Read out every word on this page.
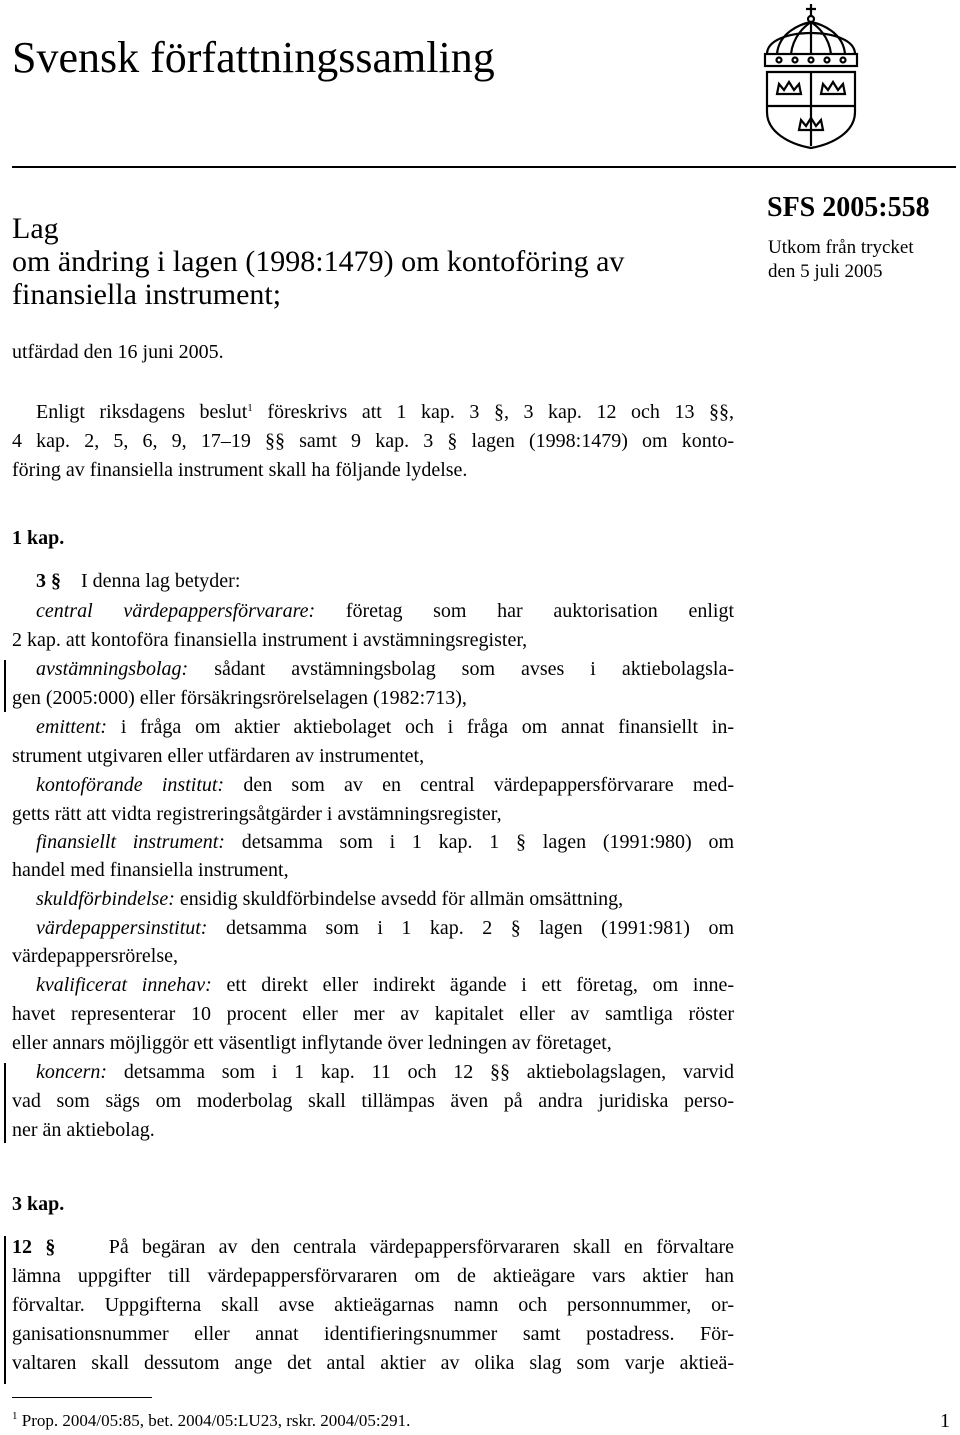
Svensk författningssamling
Lag
om ändring i lagen (1998:1479) om kontoföring av
finansiella instrument;
SFS 2005:558
Utkom från trycket
den 5 juli 2005
utfärdad den 16 juni 2005.
Enligt riksdagens beslut$^1$ föreskrivs att 1 kap. 3 §, 3 kap. 12 och 13 §§,
4 kap. 2, 5, 6, 9, 17–19 §§ samt 9 kap. 3 § lagen (1998:1479) om konto-
föring av finansiella instrument skall ha följande lydelse.
1 kap.
3 § I denna lag betyder:
central värdepappersförvarare: företag som har auktorisation enligt
2 kap. att kontoföra finansiella instrument i avstämningsregister,
avstämningsbolag: sådant avstämningsbolag som avses i aktiebolagsla-
gen (2005:000) eller försäkringsrörelselagen (1982:713),
emittent: i fråga om aktier aktiebolaget och i fråga om annat finansiellt in-
strument utgivaren eller utfärdaren av instrumentet,
kontoförande institut: den som av en central värdepappersförvarare med-
getts rätt att vidta registreringsåtgärder i avstämningsregister,
finansiellt instrument: detsamma som i 1 kap. 1 § lagen (1991:980) om
handel med finansiella instrument,
skuldförbindelse: ensidig skuldförbindelse avsedd för allmän omsättning,
värdepappersinstitut: detsamma som i 1 kap. 2 § lagen (1991:981) om
värdepappersrörelse,
kvalificerat innehav: ett direkt eller indirekt ägande i ett företag, om inne-
havet representerar 10 procent eller mer av kapitalet eller av samtliga röster
eller annars möjliggör ett väsentligt inflytande över ledningen av företaget,
koncern: detsamma som i 1 kap. 11 och 12 §§ aktiebolagslagen, varvid
vad som sägs om moderbolag skall tillämpas även på andra juridiska perso-
ner än aktiebolag.
3 kap.
12 §	På begäran av den centrala värdepappersförvararen skall en förvaltare
lämna uppgifter till värdepappersförvararen om de aktieägare vars aktier han
förvaltar. Uppgifterna skall avse aktieägarnas namn och personnummer, or-
ganisationsnummer eller annat identifieringsnummer samt postadress. För-
valtaren skall dessutom ange det antal aktier av olika slag som varje aktieä-
$^1$ Prop. 2004/05:85, bet. 2004/05:LU23, rskr. 2004/05:291.	1
